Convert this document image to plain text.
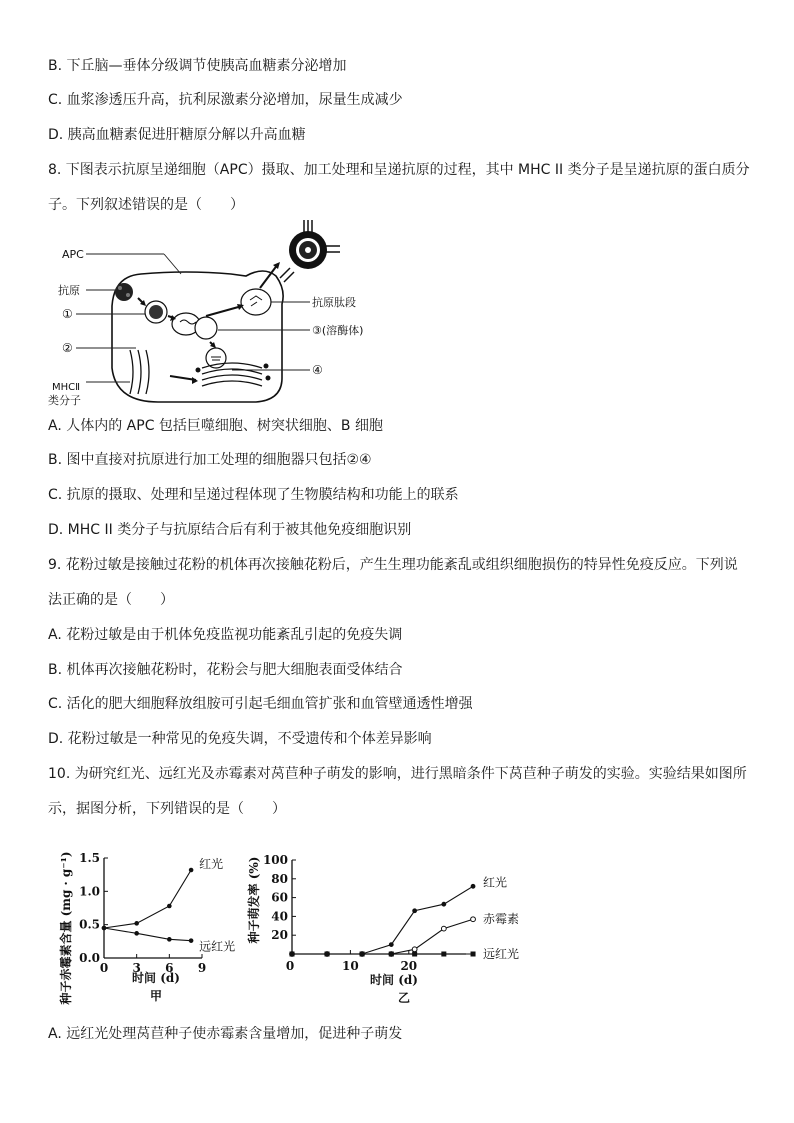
B. 下丘脑—垂体分级调节使胰高血糖素分泌增加
C. 血浆渗透压升高，抗利尿激素分泌增加，尿量生成减少
D. 胰高血糖素促进肝糖原分解以升高血糖
8. 下图表示抗原呈递细胞（APC）摄取、加工处理和呈递抗原的过程，其中 MHC II 类分子是呈递抗原的蛋白质分
子。下列叙述错误的是（　　）
APC
抗原
①
②
MHCⅡ
类分子
抗原肽段
③(溶酶体)
④
A. 人体内的 APC 包括巨噬细胞、树突状细胞、B 细胞
B. 图中直接对抗原进行加工处理的细胞器只包括②④
C. 抗原的摄取、处理和呈递过程体现了生物膜结构和功能上的联系
D. MHC II 类分子与抗原结合后有利于被其他免疫细胞识别
9. 花粉过敏是接触过花粉的机体再次接触花粉后，产生生理功能紊乱或组织细胞损伤的特异性免疫反应。下列说
法正确的是（　　）
A. 花粉过敏是由于机体免疫监视功能紊乱引起的免疫失调
B. 机体再次接触花粉时，花粉会与肥大细胞表面受体结合
C. 活化的肥大细胞释放组胺可引起毛细血管扩张和血管壁通透性增强
D. 花粉过敏是一种常见的免疫失调，不受遗传和个体差异影响
10. 为研究红光、远红光及赤霉素对莴苣种子萌发的影响，进行黑暗条件下莴苣种子萌发的实验。实验结果如图所
示，据图分析，下列错误的是（　　）
种子赤霉素含量 (mg · g⁻¹)	时间 (d)
甲
0.0
0.5
1.0
1.5
0 3 6 9
红光
远红光
种子萌发率 (%)
时间 (d)
乙
0
20
40
60
80
100
10	20
红光
赤霉素
远红光
A. 远红光处理莴苣种子使赤霉素含量增加，促进种子萌发
